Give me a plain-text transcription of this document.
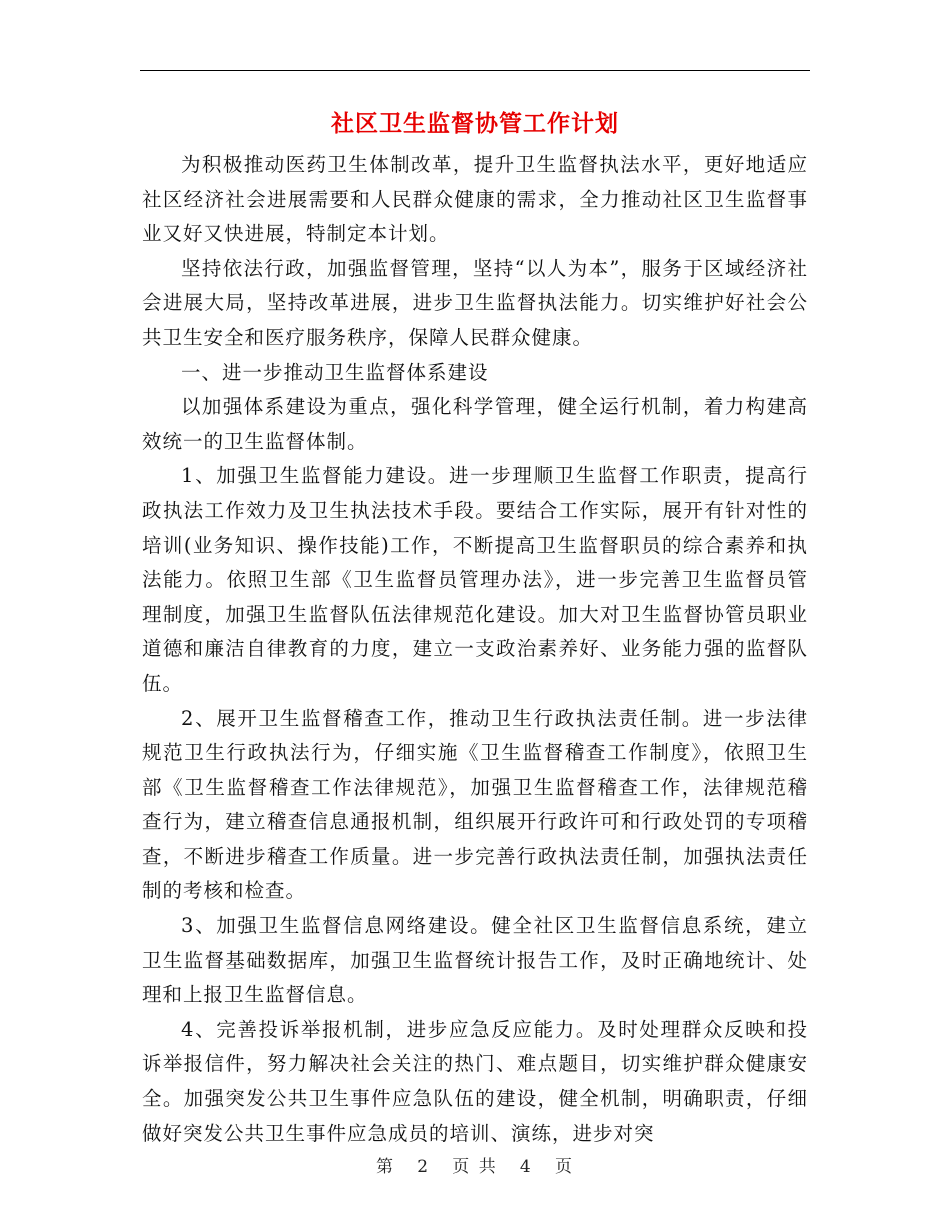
社区卫生监督协管工作计划

为积极推动医药卫生体制改革，提升卫生监督执法水平，更好地适应社区经济社会进展需要和人民群众健康的需求，全力推动社区卫生监督事业又好又快进展，特制定本计划。

坚持依法行政，加强监督管理，坚持“以人为本”，服务于区域经济社会进展大局，坚持改革进展，进步卫生监督执法能力。切实维护好社会公共卫生安全和医疗服务秩序，保障人民群众健康。

一、进一步推动卫生监督体系建设

以加强体系建设为重点，强化科学管理，健全运行机制，着力构建高效统一的卫生监督体制。

1、加强卫生监督能力建设。进一步理顺卫生监督工作职责，提高行政执法工作效力及卫生执法技术手段。要结合工作实际，展开有针对性的培训(业务知识、操作技能)工作，不断提高卫生监督职员的综合素养和执法能力。依照卫生部《卫生监督员管理办法》，进一步完善卫生监督员管理制度，加强卫生监督队伍法律规范化建设。加大对卫生监督协管员职业道德和廉洁自律教育的力度，建立一支政治素养好、业务能力强的监督队伍。

2、展开卫生监督稽查工作，推动卫生行政执法责任制。进一步法律规范卫生行政执法行为，仔细实施《卫生监督稽查工作制度》，依照卫生部《卫生监督稽查工作法律规范》，加强卫生监督稽查工作，法律规范稽查行为，建立稽查信息通报机制，组织展开行政许可和行政处罚的专项稽查，不断进步稽查工作质量。进一步完善行政执法责任制，加强执法责任制的考核和检查。

3、加强卫生监督信息网络建设。健全社区卫生监督信息系统，建立卫生监督基础数据库，加强卫生监督统计报告工作，及时正确地统计、处理和上报卫生监督信息。

4、完善投诉举报机制，进步应急反应能力。及时处理群众反映和投诉举报信件，努力解决社会关注的热门、难点题目，切实维护群众健康安全。加强突发公共卫生事件应急队伍的建设，健全机制，明确职责，仔细做好突发公共卫生事件应急成员的培训、演练，进步对突

第 2 页 共 4 页
